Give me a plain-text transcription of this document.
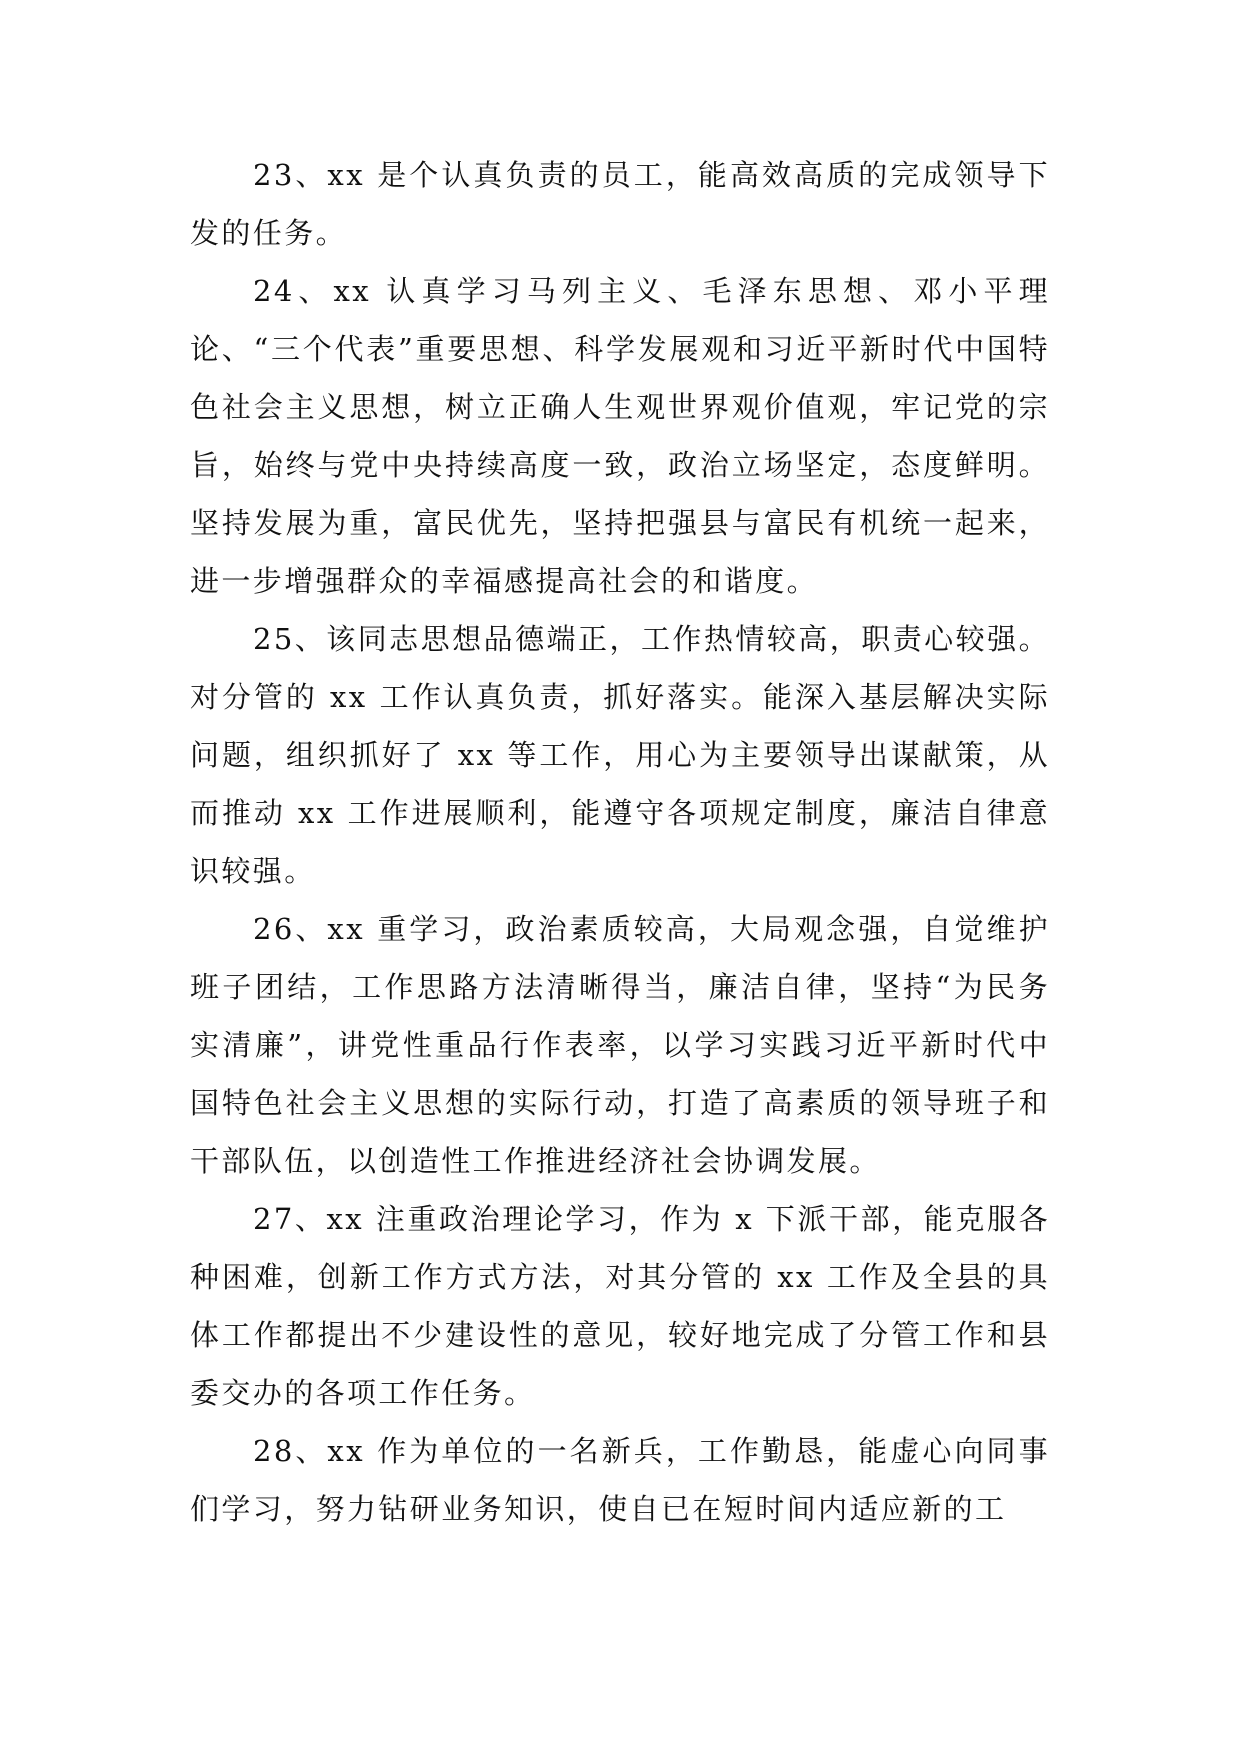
23、xx 是个认真负责的员工，能高效高质的完成领导下发的任务。

24、xx 认真学习马列主义、毛泽东思想、邓小平理论、“三个代表”重要思想、科学发展观和习近平新时代中国特色社会主义思想，树立正确人生观世界观价值观，牢记党的宗旨，始终与党中央持续高度一致，政治立场坚定，态度鲜明。坚持发展为重，富民优先，坚持把强县与富民有机统一起来，进一步增强群众的幸福感提高社会的和谐度。

25、该同志思想品德端正，工作热情较高，职责心较强。对分管的 xx 工作认真负责，抓好落实。能深入基层解决实际问题，组织抓好了 xx 等工作，用心为主要领导出谋献策，从而推动 xx 工作进展顺利，能遵守各项规定制度，廉洁自律意识较强。

26、xx 重学习，政治素质较高，大局观念强，自觉维护班子团结，工作思路方法清晰得当，廉洁自律，坚持“为民务实清廉”，讲党性重品行作表率，以学习实践习近平新时代中国特色社会主义思想的实际行动，打造了高素质的领导班子和干部队伍，以创造性工作推进经济社会协调发展。

27、xx 注重政治理论学习，作为 x 下派干部，能克服各种困难，创新工作方式方法，对其分管的 xx 工作及全县的具体工作都提出不少建设性的意见，较好地完成了分管工作和县委交办的各项工作任务。

28、xx 作为单位的一名新兵，工作勤恳，能虚心向同事们学习，努力钻研业务知识，使自已在短时间内适应新的工
